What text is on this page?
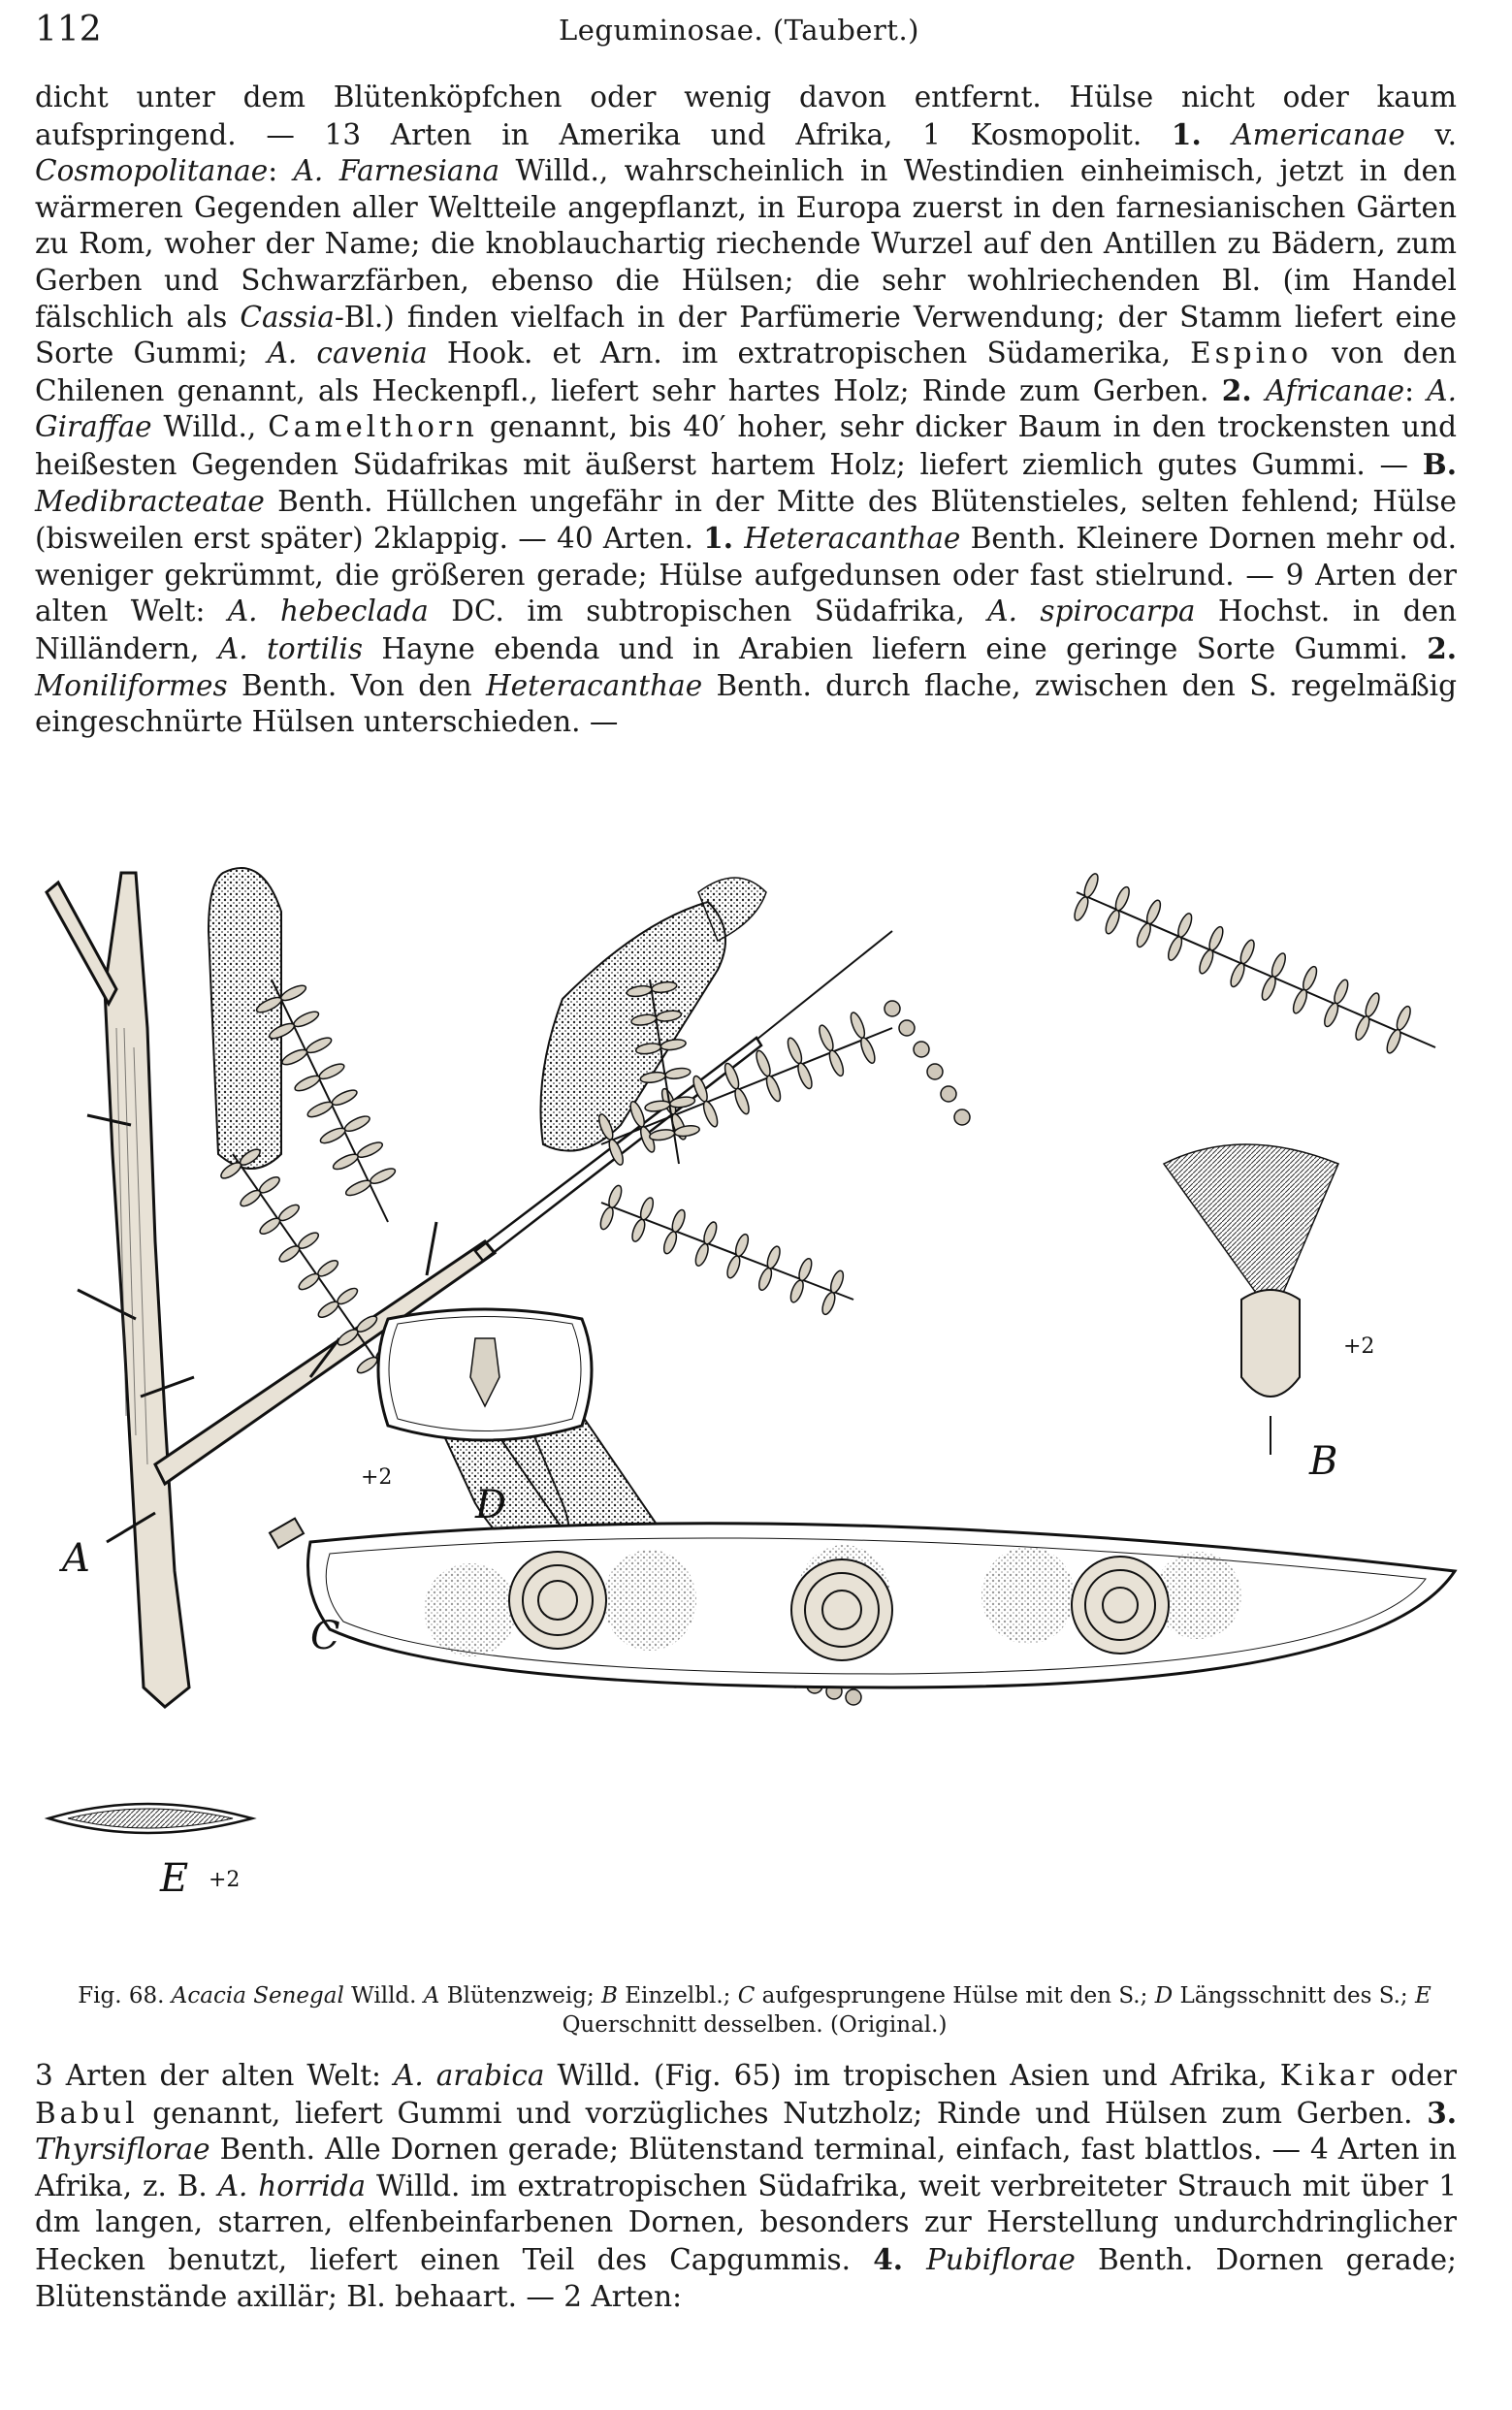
112	Leguminosae. (Taubert.)

dicht unter dem Blütenköpfchen oder wenig davon entfernt. Hülse nicht oder kaum aufspringend. — 13 Arten in Amerika und Afrika, 1 Kosmopolit. 1. Americanae v. Cosmopolitanae: A. Farnesiana Willd., wahrscheinlich in Westindien einheimisch, jetzt in den wärmeren Gegenden aller Weltteile angepflanzt, in Europa zuerst in den farnesianischen Gärten zu Rom, woher der Name; die knoblauchartig riechende Wurzel auf den Antillen zu Bädern, zum Gerben und Schwarzfärben, ebenso die Hülsen; die sehr wohlriechenden Bl. (im Handel fälschlich als Cassia-Bl.) finden vielfach in der Parfümerie Verwendung; der Stamm liefert eine Sorte Gummi; A. cavenia Hook. et Arn. im extratropischen Südamerika, Espino von den Chilenen genannt, als Heckenpfl., liefert sehr hartes Holz; Rinde zum Gerben. 2. Africanae: A. Giraffae Willd., Camelthorn genannt, bis 40′ hoher, sehr dicker Baum in den trockensten und heißesten Gegenden Südafrikas mit äußerst hartem Holz; liefert ziemlich gutes Gummi. — B. Medibracteatae Benth. Hüllchen ungefähr in der Mitte des Blütenstieles, selten fehlend; Hülse (bisweilen erst später) 2klappig. — 40 Arten. 1. Heteracanthae Benth. Kleinere Dornen mehr od. weniger gekrümmt, die größeren gerade; Hülse aufgedunsen oder fast stielrund. — 9 Arten der alten Welt: A. hebeclada DC. im subtropischen Südafrika, A. spirocarpa Hochst. in den Nilländern, A. tortilis Hayne ebenda und in Arabien liefern eine geringe Sorte Gummi. 2. Moniliformes Benth. Von den Heteracanthae Benth. durch flache, zwischen den S. regelmäßig eingeschnürte Hülsen unterschieden. —

B
+2
D
+2
A
C
E +2

Fig. 68. Acacia Senegal Willd. A Blütenzweig; B Einzelbl.; C aufgesprungene Hülse mit den S.; D Längsschnitt des S.; E Querschnitt desselben. (Original.)

3 Arten der alten Welt: A. arabica Willd. (Fig. 65) im tropischen Asien und Afrika, Kikar oder Babul genannt, liefert Gummi und vorzügliches Nutzholz; Rinde und Hülsen zum Gerben. 3. Thyrsiflorae Benth. Alle Dornen gerade; Blütenstand terminal, einfach, fast blattlos. — 4 Arten in Afrika, z. B. A. horrida Willd. im extratropischen Südafrika, weit verbreiteter Strauch mit über 1 dm langen, starren, elfenbeinfarbenen Dornen, besonders zur Herstellung undurchdringlicher Hecken benutzt, liefert einen Teil des Capgummis. 4. Pubiflorae Benth. Dornen gerade; Blütenstände axillär; Bl. behaart. — 2 Arten:
